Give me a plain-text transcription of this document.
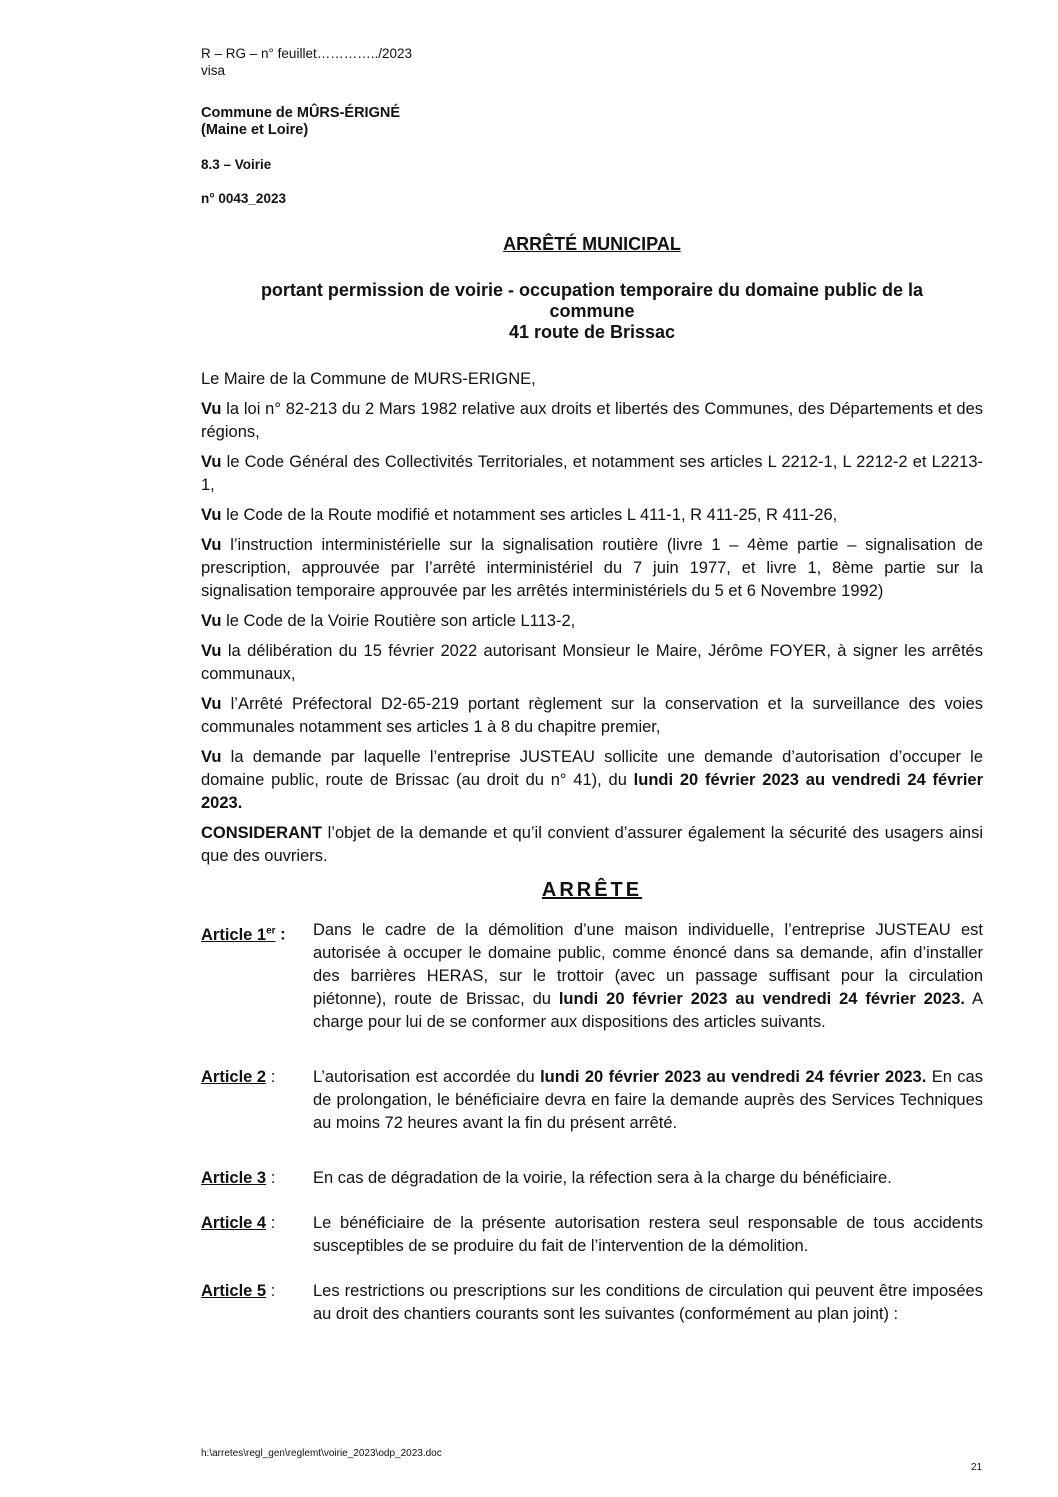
R – RG – n° feuillet…………../2023
visa
Commune de MÛRS-ÉRIGNÉ
(Maine et Loire)
8.3 – Voirie
n° 0043_2023
ARRÊTÉ MUNICIPAL
portant permission de voirie - occupation temporaire du domaine public de la
commune
41 route de Brissac

Le Maire de la Commune de MURS-ERIGNE,

Vu la loi n° 82-213 du 2 Mars 1982 relative aux droits et libertés des Communes, des Départements et des régions,

Vu le Code Général des Collectivités Territoriales, et notamment ses articles L 2212-1, L 2212-2 et L2213-1,

Vu le Code de la Route modifié et notamment ses articles L 411-1, R 411-25, R 411-26,

Vu l’instruction interministérielle sur la signalisation routière (livre 1 – 4ème partie – signalisation de prescription, approuvée par l’arrêté interministériel du 7 juin 1977, et livre 1, 8ème partie sur la signalisation temporaire approuvée par les arrêtés interministériels du 5 et 6 Novembre 1992)

Vu le Code de la Voirie Routière son article L113-2,

Vu la délibération du 15 février 2022 autorisant Monsieur le Maire, Jérôme FOYER, à signer les arrêtés communaux,

Vu l’Arrêté Préfectoral D2-65-219 portant règlement sur la conservation et la surveillance des voies communales notamment ses articles 1 à 8 du chapitre premier,

Vu la demande par laquelle l’entreprise JUSTEAU sollicite une demande d’autorisation d’occuper le domaine public, route de Brissac (au droit du n° 41), du lundi 20 février 2023 au vendredi 24 février 2023.

CONSIDERANT l’objet de la demande et qu’il convient d’assurer également la sécurité des usagers ainsi que des ouvriers.

ARRÊTE

Article 1er :	Dans le cadre de la démolition d’une maison individuelle, l’entreprise JUSTEAU est autorisée à occuper le domaine public, comme énoncé dans sa demande, afin d’installer des barrières HERAS, sur le trottoir (avec un passage suffisant pour la circulation piétonne), route de Brissac, du lundi 20 février 2023 au vendredi 24 février 2023. A charge pour lui de se conformer aux dispositions des articles suivants.
Article 2 :	L’autorisation est accordée du lundi 20 février 2023 au vendredi 24 février 2023. En cas de prolongation, le bénéficiaire devra en faire la demande auprès des Services Techniques au moins 72 heures avant la fin du présent arrêté.
Article 3 :	En cas de dégradation de la voirie, la réfection sera à la charge du bénéficiaire.
Article 4 :	Le bénéficiaire de la présente autorisation restera seul responsable de tous accidents susceptibles de se produire du fait de l’intervention de la démolition.
Article 5 :	Les restrictions ou prescriptions sur les conditions de circulation qui peuvent être imposées au droit des chantiers courants sont les suivantes (conformément au plan joint) :
h:\arretes\regl_gen\reglemt\voirie_2023\odp_2023.doc
21
